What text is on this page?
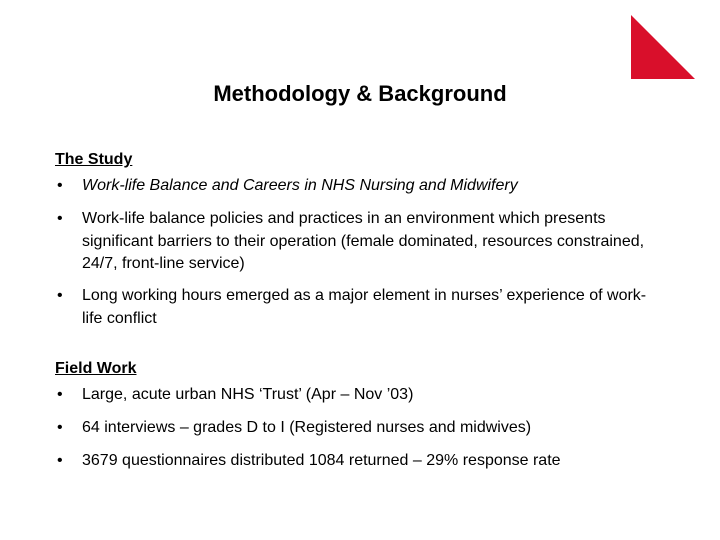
Methodology & Background
The Study
• Work-life Balance and Careers in NHS Nursing and Midwifery
• Work-life balance policies and practices in an environment which presents significant barriers to their operation (female dominated, resources constrained, 24/7, front-line service)
• Long working hours emerged as a major element in nurses’ experience of work-life conflict
Field Work
• Large, acute urban NHS ‘Trust’ (Apr – Nov ’03)
• 64 interviews – grades D to I (Registered nurses and midwives)
• 3679 questionnaires distributed 1084 returned – 29% response rate
